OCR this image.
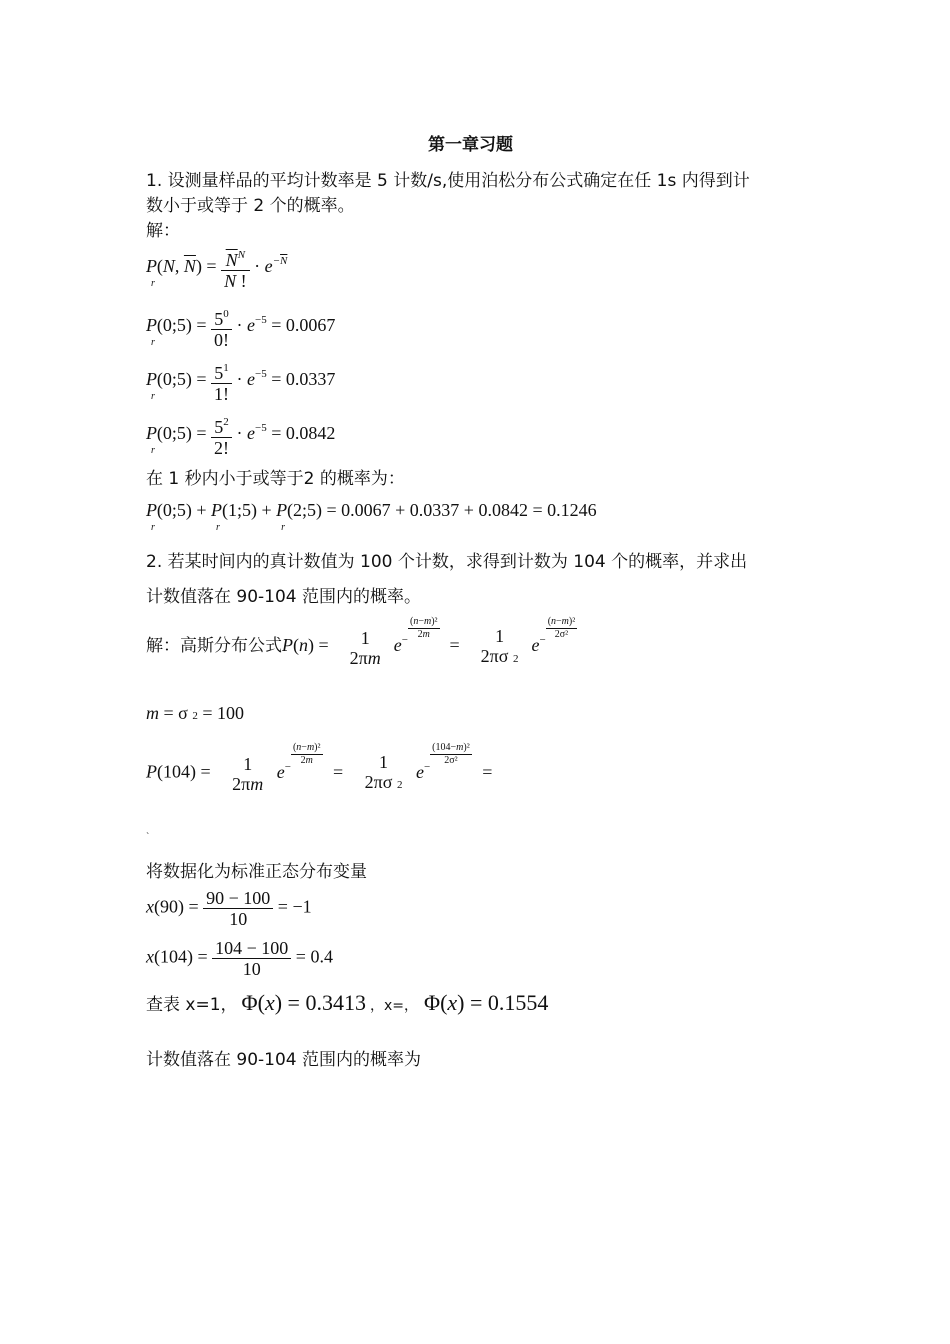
第一章习题
1. 设测量样品的平均计数率是 5 计数/s,使用泊松分布公式确定在任 1s 内得到计
数小于或等于 2 个的概率。
解：
$P_r(N$, $\overline{N}) = \frac{\overline{N}^N}{N !} \cdot e^{-\overline{N}}$
$P_r(0;5) = \frac{5^0}{0!} \cdot e^{-5} = 0.0067$
$P_r(0;5) = \frac{5^1}{1!} \cdot e^{-5} = 0.0337$
$P_r(0;5) = \frac{5^2}{2!} \cdot e^{-5} = 0.0842$
在 1 秒内小于或等于2 的概率为：
$P_r(0;5)$ + $P_r(1;5)$ + $P_r(2;5) = 0.0067 + 0.0337 + 0.0842 = 0.1246$
2. 若某时间内的真计数值为 100 个计数，求得到计数为 104 个的概率，并求出
计数值落在 90-104 范围内的概率。
解：高斯分布公式P(n) =	1
2πm
$e^- \frac{\text{(n−m)²}}{2m}$
=	1
2πσ 2
$e^- \frac{\text{(n−m)²}}{\text{2σ²}}$
m = σ 2 = 100
P(104) =	1
2πm
$e^- \frac{\text{(n−m)²}}{2m}$
=	1
2πσ 2
$e^- \frac{\text{(104−m)²}}{\text{2σ²}}$
=
`
将数据化为标准正态分布变量
$x(90) = \frac{90 - 100}{10} = -1$
$x(104) = \frac{104 - 100}{10} = 0.4$
查表 x=1， Φ(x) = 0.3413 ，x=， Φ(x) = 0.1554
计数值落在 90-104 范围内的概率为
